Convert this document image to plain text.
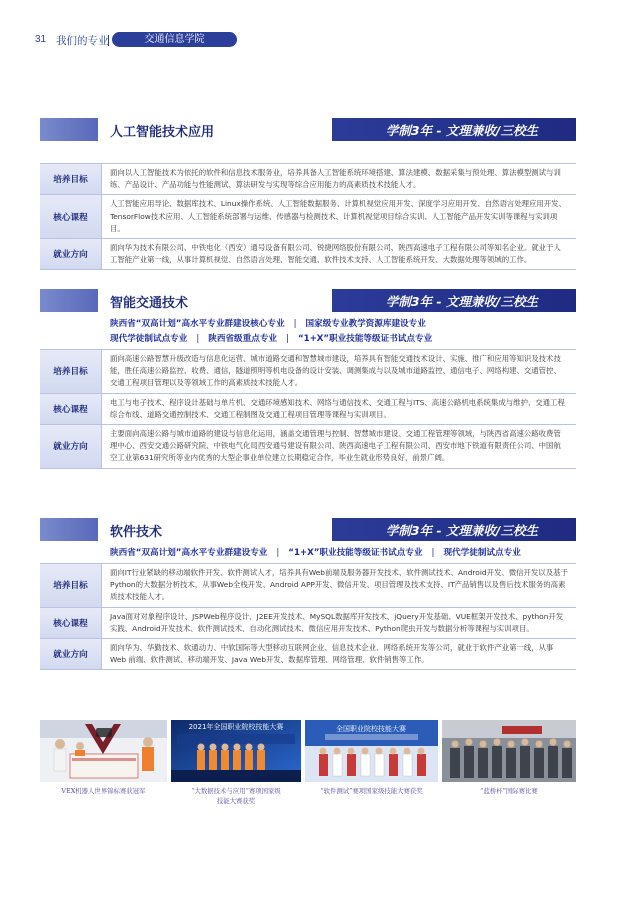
31 我们的专业	交通信息学院
人工智能技术应用	学制3年 - 文理兼收/三校生
培养目标
面向以人工智能技术为依托的软件和信息技术服务业，培养具备人工智能系统环境搭建、算法建模、数据采集与预处理、算法模型测试与训练、产品设计、产品功能与性能测试、算法研发与实现等综合应用能力的高素质技术技能人才。
核心课程
人工智能应用导论、数据库技术、Linux操作系统、人工智能数据服务、计算机视觉应用开发、深度学习应用开发、自然语言处理应用开发、TensorFlow技术应用、人工智能系统部署与运维、传感器与检测技术、计算机视觉项目综合实训、人工智能产品开发实训等课程与实训项目。
就业方向
面向华为技术有限公司、中铁电化（西安）通号设备有限公司、锐捷网络股份有限公司、陕西高速电子工程有限公司等知名企业。就业于人工智能产业第一线，从事计算机视觉、自然语言处理、智能交通、软件技术支持、人工智能系统开发、大数据处理等领域的工作。
智能交通技术	学制3年 - 文理兼收/三校生
陕西省“双高计划”高水平专业群建设核心专业 | 国家级专业教学资源库建设专业
现代学徒制试点专业 | 陕西省级重点专业 | “1+X”职业技能等级证书试点专业
培养目标
面向高速公路智慧升级改造与信息化运营、城市道路交通和智慧城市建设，培养具有智能交通技术设计、实施、推广和应用等知识及技术技能，胜任高速公路监控、收费、通信，隧道照明等机电设备的设计安装、调测集成与以及城市道路监控、通信电子、网络构建、交通管控、交通工程项目管理以及等领域工作的高素质技术技能人才。
核心课程
电工与电子技术、程序设计基础与单片机、交通环境感知技术、网络与通信技术、交通工程与ITS、高速公路机电系统集成与维护、交通工程综合布线、道路交通控制技术、交通工程制图及交通工程项目管理等课程与实训项目。
就业方向
主要面向高速公路与城市道路的建设与信息化运用，涵盖交通管理与控制、智慧城市建设、交通工程管理等领域，与陕西省高速公路收费管理中心、西安交通公路研究院、中铁电气化局西安通号建设有限公司、陕西高速电子工程有限公司、西安市地下铁道有限责任公司、中国航空工业第631研究所等业内优秀的大型企事业单位建立长期稳定合作，毕业生就业形势良好，前景广阔。
软件技术	学制3年 - 文理兼收/三校生
陕西省“双高计划”高水平专业群建设专业 | “1+X”职业技能等级证书试点专业 | 现代学徒制试点专业
培养目标
面向IT行业紧缺的移动端软件开发、软件测试人才，培养具有Web前端及服务器开发技术、软件测试技术、Android开发、微信开发以及基于 Python的大数据分析技术，从事Web全栈开发、Android APP开发、微信开发、项目管理及技术支持、IT产品销售以及售后技术服务的高素质技术技能人才。
核心课程
Java面对对象程序设计、JSPWeb程序设计、J2EE开发技术、MySQL数据库开发技术、jQuery开发基础、VUE框架开发技术、python开发实践、Android开发技术、软件测试技术、自动化测试技术、微信应用开发技术、Python爬虫开发与数据分析等课程与实训项目。
就业方向
面向华为、华勤技术、软通动力、中软国际等大型移动互联网企业、信息技术企业、网络系统开发等公司，就业于软件产业第一线，从事Web 前端、软件测试、移动端开发、Java Web开发、数据库管理、网络管理、软件销售等工作。
2021年全国职业院校技能大赛	全国职业院校技能大赛
VEX机器人世界锦标赛获冠军	“大数据技术与应用”赛项国家级
技能大赛获奖
“软件测试”赛项国家级技能大赛获奖	“蓝桥杯”国际赛比赛
